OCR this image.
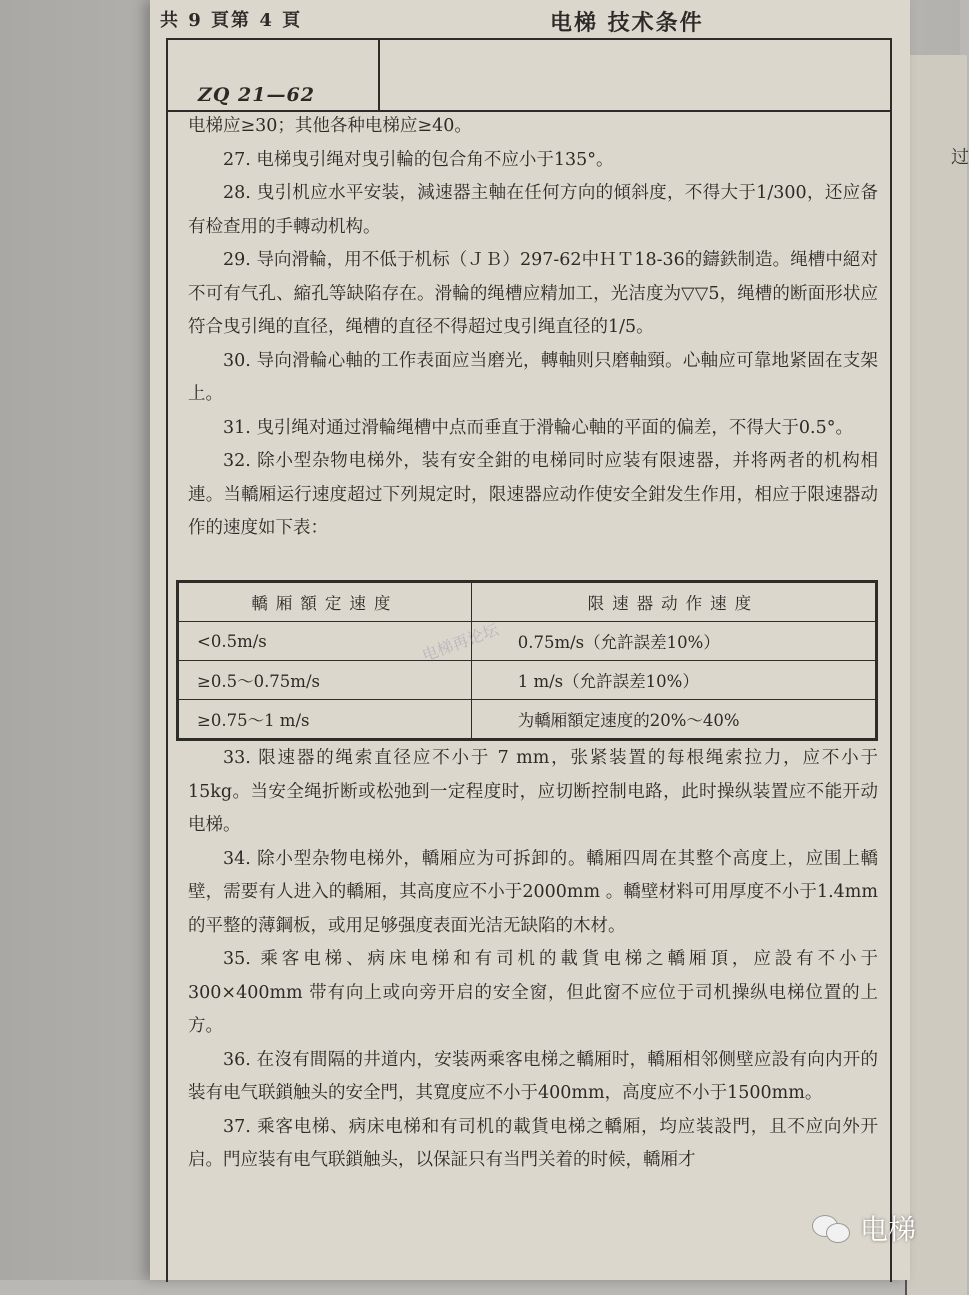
过
共 9 頁第 4 頁	电梯 技术条件
ZQ 21—62

电梯应≥30；其他各种电梯应≥40。

27. 电梯曳引绳对曳引輪的包合角不应小于135°。

28. 曳引机应水平安装，減速器主軸在任何方向的傾斜度，不得大于1/300，还应备有检查用的手轉动机构。

29. 导向滑輪，用不低于机标（ＪＢ）297-62中ＨＴ18-36的鑄鉄制造。绳槽中絕对不可有气孔、縮孔等缺陷存在。滑輪的绳槽应精加工，光洁度为▽▽5，绳槽的断面形状应符合曳引绳的直径，绳槽的直径不得超过曳引绳直径的1/5。

30. 导向滑輪心軸的工作表面应当磨光，轉軸则只磨軸頸。心軸应可靠地紧固在支架上。

31. 曳引绳对通过滑輪绳槽中点而垂直于滑輪心軸的平面的偏差，不得大于0.5°。

32. 除小型杂物电梯外，装有安全鉗的电梯同时应装有限速器，并将两者的机构相連。当轎厢运行速度超过下列規定时，限速器应动作使安全鉗发生作用，相应于限速器动作的速度如下表：

轎厢額定速度	限速器动作速度
<0.5m/s	0.75m/s（允許誤差10%）
≥0.5～0.75m/s	1 m/s（允許誤差10%）
≥0.75～1 m/s	为轎厢額定速度的20%～40%
电梯再论坛

33. 限速器的绳索直径应不小于 7 mm，张紧装置的每根绳索拉力，应不小于15kg。当安全绳折断或松弛到一定程度时，应切断控制电路，此时操纵装置应不能开动电梯。

34. 除小型杂物电梯外，轎厢应为可拆卸的。轎厢四周在其整个高度上，应围上轎壁，需要有人进入的轎厢，其高度应不小于2000mm 。轎壁材料可用厚度不小于1.4mm的平整的薄鋼板，或用足够强度表面光洁无缺陷的木材。

35. 乘客电梯、病床电梯和有司机的載貨电梯之轎厢頂，应設有不小于300×400mm 带有向上或向旁开启的安全窗，但此窗不应位于司机操纵电梯位置的上方。

36. 在沒有間隔的井道内，安装两乘客电梯之轎厢时，轎厢相邻侧壁应設有向内开的装有电气联鎖触头的安全門，其寬度应不小于400mm，高度应不小于1500mm。

37. 乘客电梯、病床电梯和有司机的載貨电梯之轎厢，均应装設門，且不应向外开启。門应装有电气联鎖触头，以保証只有当門关着的时候，轎厢才

电梯
